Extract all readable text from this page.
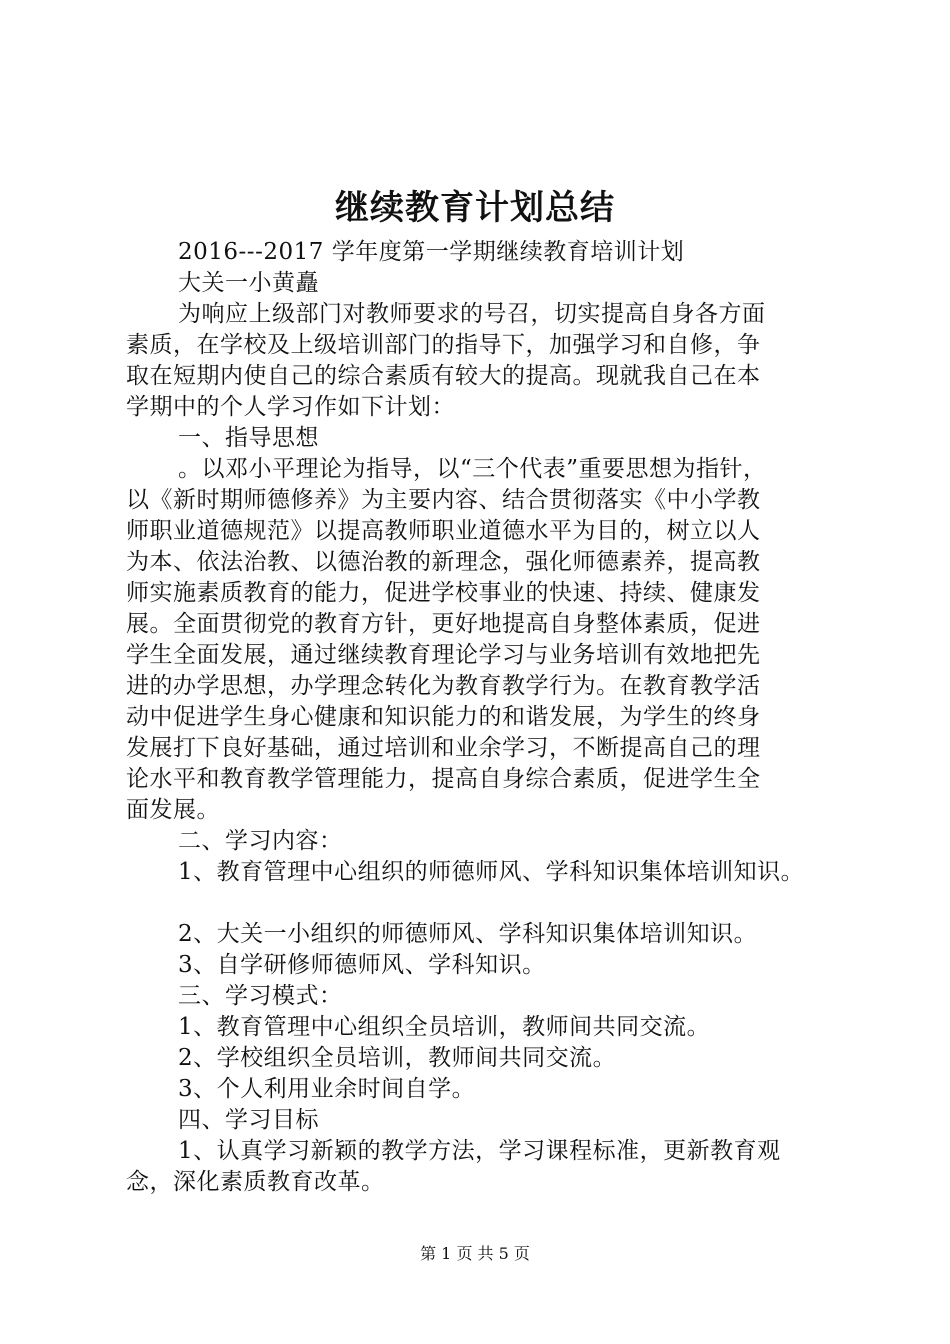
继续教育计划总结
2016---2017 学年度第一学期继续教育培训计划
大关一小黄矗
为响应上级部门对教师要求的号召，切实提高自身各方面
素质，在学校及上级培训部门的指导下，加强学习和自修，争
取在短期内使自己的综合素质有较大的提高。现就我自己在本
学期中的个人学习作如下计划：
一、指导思想
。以邓小平理论为指导，以“三个代表”重要思想为指针，
以《新时期师德修养》为主要内容、结合贯彻落实《中小学教
师职业道德规范》以提高教师职业道德水平为目的，树立以人
为本、依法治教、以德治教的新理念，强化师德素养，提高教
师实施素质教育的能力，促进学校事业的快速、持续、健康发
展。全面贯彻党的教育方针，更好地提高自身整体素质，促进
学生全面发展，通过继续教育理论学习与业务培训有效地把先
进的办学思想，办学理念转化为教育教学行为。在教育教学活
动中促进学生身心健康和知识能力的和谐发展，为学生的终身
发展打下良好基础，通过培训和业余学习，不断提高自己的理
论水平和教育教学管理能力，提高自身综合素质，促进学生全
面发展。
二、学习内容：
1、教育管理中心组织的师德师风、学科知识集体培训知识。
2、大关一小组织的师德师风、学科知识集体培训知识。
3、自学研修师德师风、学科知识。
三、学习模式：
1、教育管理中心组织全员培训，教师间共同交流。
2、学校组织全员培训，教师间共同交流。
3、个人利用业余时间自学。
四、学习目标
1、认真学习新颖的教学方法，学习课程标准，更新教育观
念，深化素质教育改革。
第 1 页 共 5 页
